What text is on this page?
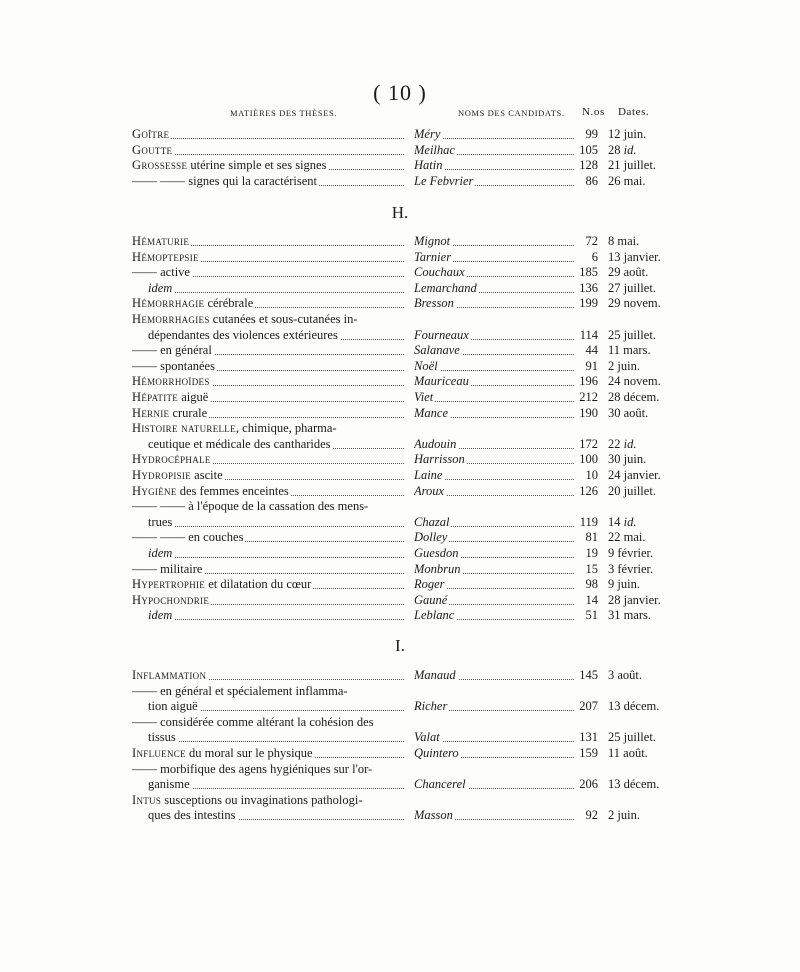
( 10 )
MATIÈRES DES THÈSES.	NOMS DES CANDIDATS. N.os Dates.
Goître	Méry	99 12 juin.
Goutte	Meilhac	105 28 id.
Grossesse utérine simple et ses signes	Hatin	128 21 juillet.
—— —— signes qui la caractérisent	Le Febvrier	86 26 mai.
H.
Hématurie	Mignot	72 8 mai.
Hémoptepsie	Tarnier	6 13 janvier.
—— active	Couchaux	185 29 août.
idem	Lemarchand	136 27 juillet.
Hémorrhagie cérébrale	Bresson	199 29 novem.
Hemorrhagies cutanées et sous-cutanées in-
dépendantes des violences extérieures	Fourneaux	114 25 juillet.
—— en général	Salanave	44 11 mars.
—— spontanées	Noël	91 2 juin.
Hémorrhoïdes	Mauriceau	196 24 novem.
Hépatite aiguë	Viet	212 28 décem.
Hernie crurale	Mance	190 30 août.
Histoire naturelle, chimique, pharma-
ceutique et médicale des cantharides	Audouin	172 22 id.
Hydrocéphale	Harrisson	100 30 juin.
Hydropisie ascite	Laine	10 24 janvier.
Hygiène des femmes enceintes	Aroux	126 20 juillet.
—— —— à l'époque de la cassation des mens-
trues	Chazal	119 14 id.
—— —— en couches	Dolley	81 22 mai.
idem	Guesdon	19 9 février.
—— militaire	Monbrun	15 3 février.
Hypertrophie et dilatation du cœur	Roger	98 9 juin.
Hypochondrie	Gauné	14 28 janvier.
idem	Leblanc	51 31 mars.
I.
Inflammation	Manaud	145 3 août.
—— en général et spécialement inflamma-
tion aiguë	Richer	207 13 décem.
—— considérée comme altérant la cohésion des
tissus	Valat	131 25 juillet.
Influence du moral sur le physique	Quintero	159 11 août.
—— morbifique des agens hygiéniques sur l'or-
ganisme	Chancerel	206 13 décem.
Intus susceptions ou invaginations pathologi-
ques des intestins	Masson	92 2 juin.
